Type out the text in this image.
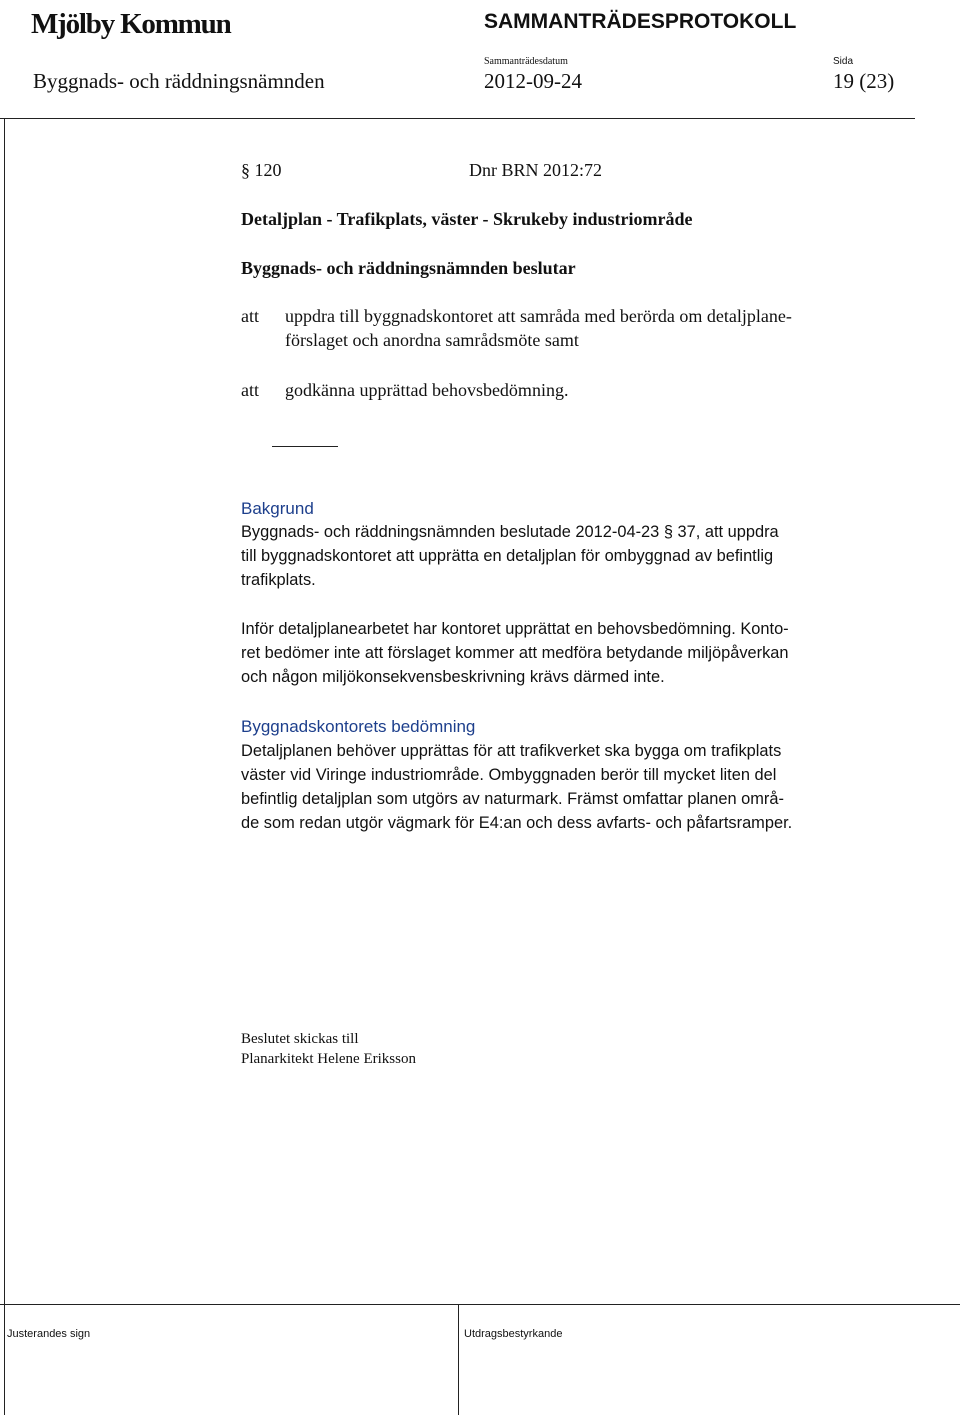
Mjölby Kommun	SAMMANTRÄDESPROTOKOLL
Sammanträdesdatum	Sida
Byggnads- och räddningsnämnden	2012-09-24	19 (23)
§ 120	Dnr BRN 2012:72
Detaljplan - Trafikplats, väster - Skrukeby industriområde
Byggnads- och räddningsnämnden beslutar
att uppdra till byggnadskontoret att samråda med berörda om detaljplane-
förslaget och anordna samrådsmöte samt
att godkänna upprättad behovsbedömning.
Bakgrund
Byggnads- och räddningsnämnden beslutade 2012-04-23 § 37, att uppdra
till byggnadskontoret att upprätta en detaljplan för ombyggnad av befintlig
trafikplats.
Inför detaljplanearbetet har kontoret upprättat en behovsbedömning. Konto-
ret bedömer inte att förslaget kommer att medföra betydande miljöpåverkan
och någon miljökonsekvensbeskrivning krävs därmed inte.
Byggnadskontorets bedömning
Detaljplanen behöver upprättas för att trafikverket ska bygga om trafikplats
väster vid Viringe industriområde. Ombyggnaden berör till mycket liten del
befintlig detaljplan som utgörs av naturmark. Främst omfattar planen områ-
de som redan utgör vägmark för E4:an och dess avfarts- och påfartsramper.
Beslutet skickas till
Planarkitekt Helene Eriksson
Justerandes sign	Utdragsbestyrkande
